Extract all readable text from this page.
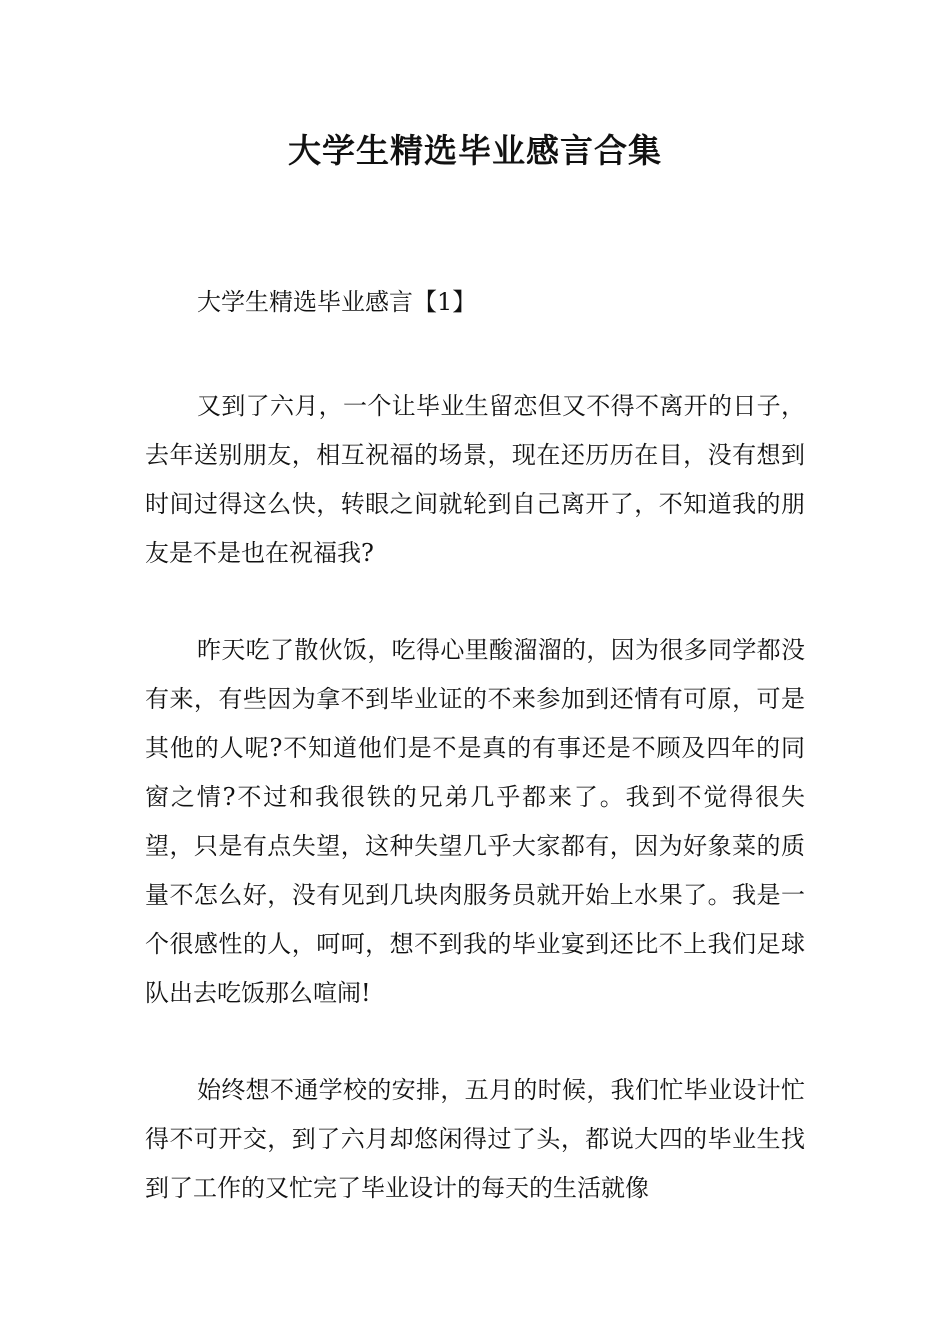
大学生精选毕业感言合集

大学生精选毕业感言【1】

又到了六月，一个让毕业生留恋但又不得不离开的日子，去年送别朋友，相互祝福的场景，现在还历历在目，没有想到时间过得这么快，转眼之间就轮到自己离开了，不知道我的朋友是不是也在祝福我?

昨天吃了散伙饭，吃得心里酸溜溜的，因为很多同学都没有来，有些因为拿不到毕业证的不来参加到还情有可原，可是其他的人呢?不知道他们是不是真的有事还是不顾及四年的同窗之情?不过和我很铁的兄弟几乎都来了。我到不觉得很失望，只是有点失望，这种失望几乎大家都有，因为好象菜的质量不怎么好，没有见到几块肉服务员就开始上水果了。我是一个很感性的人，呵呵，想不到我的毕业宴到还比不上我们足球队出去吃饭那么喧闹!

始终想不通学校的安排，五月的时候，我们忙毕业设计忙得不可开交，到了六月却悠闲得过了头，都说大四的毕业生找到了工作的又忙完了毕业设计的每天的生活就像
